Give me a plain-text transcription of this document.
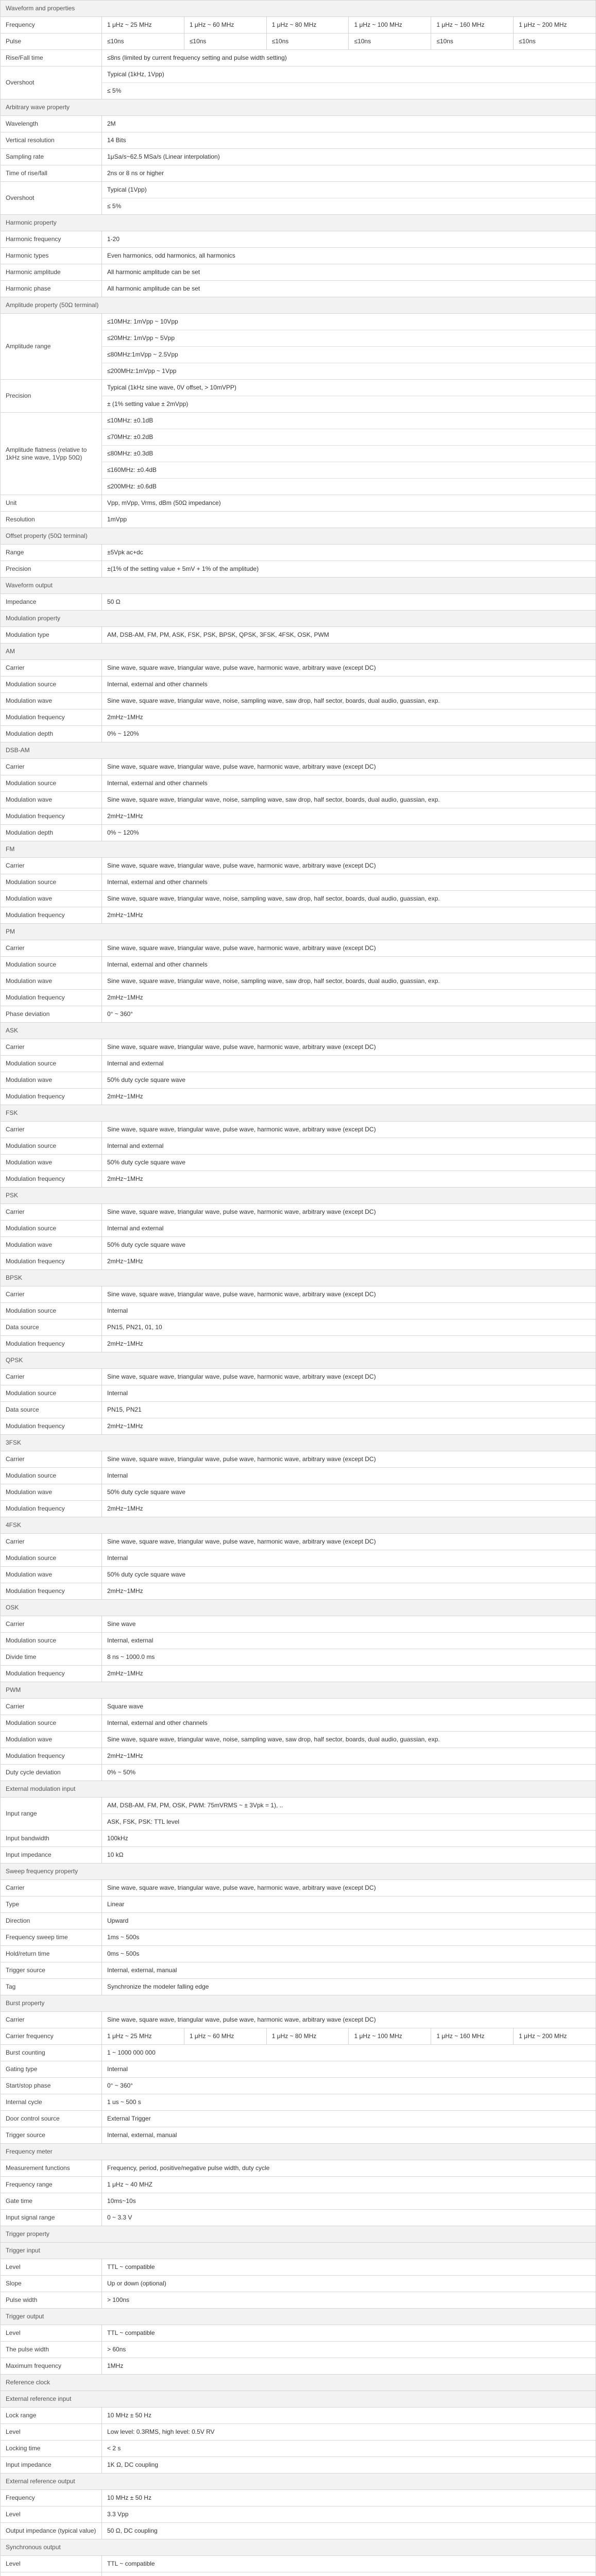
Waveform and properties						
Frequency	1 μHz ~ 25 MHz	1 μHz ~ 60 MHz	1 μHz ~ 80 MHz	1 μHz ~ 100 MHz	1 μHz ~ 160 MHz	1 μHz ~ 200 MHz
Pulse	≤10ns	≤10ns	≤10ns	≤10ns	≤10ns	≤10ns
Rise/Fall time	≤8ns (limited by current frequency setting and pulse width setting)					

Overshoot	Typical (1kHz, 1Vpp)
≤ 5%					

Arbitrary wave property						
Wavelength	2M					

Vertical resolution	14 Bits					

Sampling rate	1μSa/s~62.5 MSa/s (Linear interpolation)					

Time of rise/fall	2ns or 8 ns or higher					

Overshoot	Typical (1Vpp)
≤ 5%					

Harmonic property						
Harmonic frequency	1-20					

Harmonic types	Even harmonics, odd harmonics, all harmonics					

Harmonic amplitude	All harmonic amplitude can be set					

Harmonic phase	All harmonic amplitude can be set					

Amplitude property (50Ω terminal)						
Amplitude range	≤10MHz: 1mVpp ~ 10Vpp
≤20MHz: 1mVpp ~ 5Vpp
≤80MHz:1mVpp ~ 2.5Vpp
≤200MHz:1mVpp ~ 1Vpp					

Precision	Typical (1kHz sine wave, 0V offset, > 10mVPP)
± (1% setting value ± 2mVpp)					

Amplitude flatness (relative to 1kHz sine wave, 1Vpp 50Ω)	≤10MHz: ±0.1dB
≤70MHz: ±0.2dB
≤80MHz: ±0.3dB
≤160MHz: ±0.4dB
≤200MHz: ±0.6dB					

Unit	Vpp, mVpp, Vrms, dBm (50Ω impedance)					

Resolution	1mVpp					

Offset property (50Ω terminal)						
Range	±5Vpk ac+dc					

Precision	±(1% of the setting value + 5mV + 1% of the amplitude)					

Waveform output						
Impedance	50 Ω					

Modulation property						
Modulation type	AM, DSB-AM, FM, PM, ASK, FSK, PSK, BPSK, QPSK, 3FSK, 4FSK, OSK, PWM					

AM						
Carrier	Sine wave, square wave, triangular wave, pulse wave, harmonic wave, arbitrary wave (except DC)					

Modulation source	Internal, external and other channels					

Modulation wave	Sine wave, square wave, triangular wave, noise, sampling wave, saw drop, half sector, boards, dual audio, guassian, exp.					

Modulation frequency	2mHz~1MHz					

Modulation depth	0% ~ 120%					

DSB-AM						
Carrier	Sine wave, square wave, triangular wave, pulse wave, harmonic wave, arbitrary wave (except DC)					

Modulation source	Internal, external and other channels					

Modulation wave	Sine wave, square wave, triangular wave, noise, sampling wave, saw drop, half sector, boards, dual audio, guassian, exp.					

Modulation frequency	2mHz~1MHz					

Modulation depth	0% ~ 120%					

FM						
Carrier	Sine wave, square wave, triangular wave, pulse wave, harmonic wave, arbitrary wave (except DC)					

Modulation source	Internal, external and other channels					

Modulation wave	Sine wave, square wave, triangular wave, noise, sampling wave, saw drop, half sector, boards, dual audio, guassian, exp.					

Modulation frequency	2mHz~1MHz					

PM						
Carrier	Sine wave, square wave, triangular wave, pulse wave, harmonic wave, arbitrary wave (except DC)					

Modulation source	Internal, external and other channels					

Modulation wave	Sine wave, square wave, triangular wave, noise, sampling wave, saw drop, half sector, boards, dual audio, guassian, exp.					

Modulation frequency	2mHz~1MHz					

Phase deviation	0° ~ 360°					

ASK						
Carrier	Sine wave, square wave, triangular wave, pulse wave, harmonic wave, arbitrary wave (except DC)					

Modulation source	Internal and external					

Modulation wave	50% duty cycle square wave					

Modulation frequency	2mHz~1MHz					

FSK						
Carrier	Sine wave, square wave, triangular wave, pulse wave, harmonic wave, arbitrary wave (except DC)					

Modulation source	Internal and external					

Modulation wave	50% duty cycle square wave					

Modulation frequency	2mHz~1MHz					

PSK						
Carrier	Sine wave, square wave, triangular wave, pulse wave, harmonic wave, arbitrary wave (except DC)					

Modulation source	Internal and external					

Modulation wave	50% duty cycle square wave					

Modulation frequency	2mHz~1MHz					

BPSK						
Carrier	Sine wave, square wave, triangular wave, pulse wave, harmonic wave, arbitrary wave (except DC)					

Modulation source	Internal					

Data source	PN15, PN21, 01, 10					

Modulation frequency	2mHz~1MHz					

QPSK						
Carrier	Sine wave, square wave, triangular wave, pulse wave, harmonic wave, arbitrary wave (except DC)					

Modulation source	Internal					

Data source	PN15, PN21					

Modulation frequency	2mHz~1MHz					

3FSK						
Carrier	Sine wave, square wave, triangular wave, pulse wave, harmonic wave, arbitrary wave (except DC)					

Modulation source	Internal					

Modulation wave	50% duty cycle square wave					

Modulation frequency	2mHz~1MHz					

4FSK						
Carrier	Sine wave, square wave, triangular wave, pulse wave, harmonic wave, arbitrary wave (except DC)					

Modulation source	Internal					

Modulation wave	50% duty cycle square wave					

Modulation frequency	2mHz~1MHz					

OSK						
Carrier	Sine wave					

Modulation source	Internal, external					

Divide time	8 ns ~ 1000.0 ms					

Modulation frequency	2mHz~1MHz					

PWM						
Carrier	Square wave					

Modulation source	Internal, external and other channels					

Modulation wave	Sine wave, square wave, triangular wave, noise, sampling wave, saw drop, half sector, boards, dual audio, guassian, exp.					

Modulation frequency	2mHz~1MHz					

Duty cycle deviation	0% ~ 50%					

External modulation input						
Input range	AM, DSB-AM, FM, PM, OSK, PWM: 75mVRMS ~ ± 3Vpk = 1), ..
ASK, FSK, PSK: TTL level					

Input bandwidth	100kHz					

Input impedance	10 kΩ					

Sweep frequency property						
Carrier	Sine wave, square wave, triangular wave, pulse wave, harmonic wave, arbitrary wave (except DC)					

Type	Linear					

Direction	Upward					

Frequency sweep time	1ms ~ 500s					

Hold/return time	0ms ~ 500s					

Trigger source	Internal, external, manual					

Tag	Synchronize the modeler falling edge					

Burst property						
Carrier	Sine wave, square wave, triangular wave, pulse wave, harmonic wave, arbitrary wave (except DC)					

Carrier frequency	1 μHz ~ 25 MHz	1 μHz ~ 60 MHz	1 μHz ~ 80 MHz	1 μHz ~ 100 MHz	1 μHz ~ 160 MHz	1 μHz ~ 200 MHz
Burst counting	1 ~ 1000 000 000					

Gating type	Internal					

Start/stop phase	0° ~ 360°					

Internal cycle	1 us ~ 500 s					

Door control source	External Trigger					

Trigger source	Internal, external, manual					

Frequency meter						
Measurement functions	Frequency, period, positive/negative pulse width, duty cycle					

Frequency range	1 μHz ~ 40 MHZ					

Gate time	10ms~10s					

Input signal range	0 ~ 3.3 V					

Trigger property						
Trigger input						
Level	TTL ~ compatible					

Slope	Up or down (optional)					

Pulse width	> 100ns					

Trigger output						
Level	TTL ~ compatible					

The pulse width	> 60ns					

Maximum frequency	1MHz					

Reference clock						
External reference input						
Lock range	10 MHz ± 50 Hz					

Level	Low level: 0.3RMS, high level: 0.5V RV					

Locking time	< 2 s					

Input impedance	1K Ω, DC coupling					

External reference output						
Frequency	10 MHz ± 50 Hz					

Level	3.3 Vpp					

Output impedance (typical value)	50 Ω, DC coupling					

Synchronous output						
Level	TTL ~ compatible					
